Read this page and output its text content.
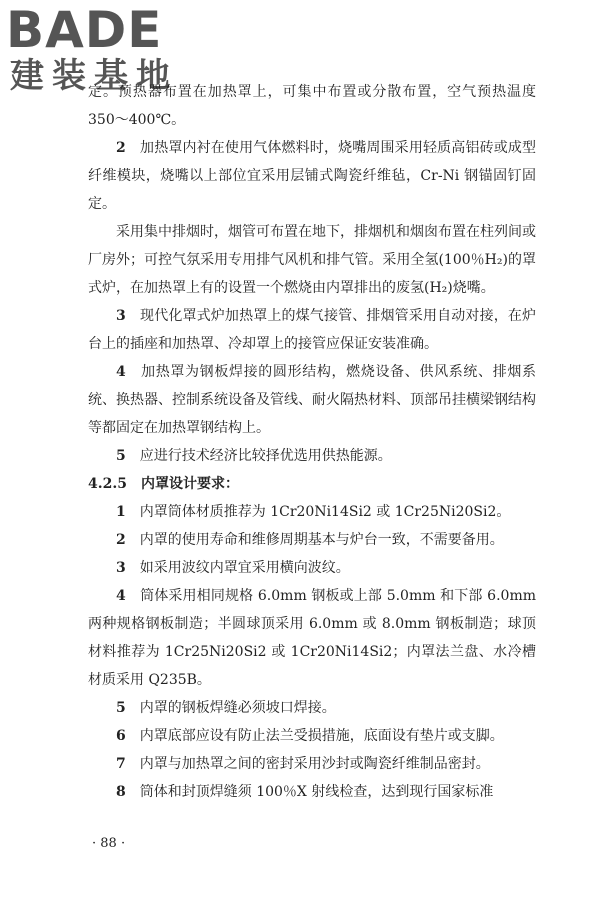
BADE
建装基地

定。预热器布置在加热罩上，可集中布置或分散布置，空气预热温度 350～400℃。

2　 加热罩内衬在使用气体燃料时，烧嘴周围采用轻质高铝砖或成型纤维模块，烧嘴以上部位宜采用层铺式陶瓷纤维毡，Cr-Ni 钢锚固钉固定。

采用集中排烟时，烟管可布置在地下，排烟机和烟囱布置在柱列间或厂房外；可控气氛采用专用排气风机和排气管。采用全氢(100％H₂)的罩式炉，在加热罩上有的设置一个燃烧由内罩排出的废氢(H₂)烧嘴。

3　 现代化罩式炉加热罩上的煤气接管、排烟管采用自动对接，在炉台上的插座和加热罩、冷却罩上的接管应保证安装准确。

4　 加热罩为钢板焊接的圆形结构，燃烧设备、供风系统、排烟系统、换热器、控制系统设备及管线、耐火隔热材料、顶部吊挂横梁钢结构等都固定在加热罩钢结构上。

5　 应进行技术经济比较择优选用供热能源。

4.2.5　 内罩设计要求：

1　 内罩筒体材质推荐为 1Cr20Ni14Si2 或 1Cr25Ni20Si2。

2　 内罩的使用寿命和维修周期基本与炉台一致，不需要备用。

3　 如采用波纹内罩宜采用横向波纹。

4　 筒体采用相同规格 6.0mm 钢板或上部 5.0mm 和下部 6.0mm两种规格钢板制造；半圆球顶采用 6.0mm 或 8.0mm 钢板制造；球顶材料推荐为 1Cr25Ni20Si2 或 1Cr20Ni14Si2；内罩法兰盘、水冷槽材质采用 Q235B。

5　 内罩的钢板焊缝必须坡口焊接。

6　 内罩底部应设有防止法兰受损措施，底面设有垫片或支脚。

7　 内罩与加热罩之间的密封采用沙封或陶瓷纤维制品密封。

8　 筒体和封顶焊缝须 100％X 射线检查，达到现行国家标准

· 88 ·
